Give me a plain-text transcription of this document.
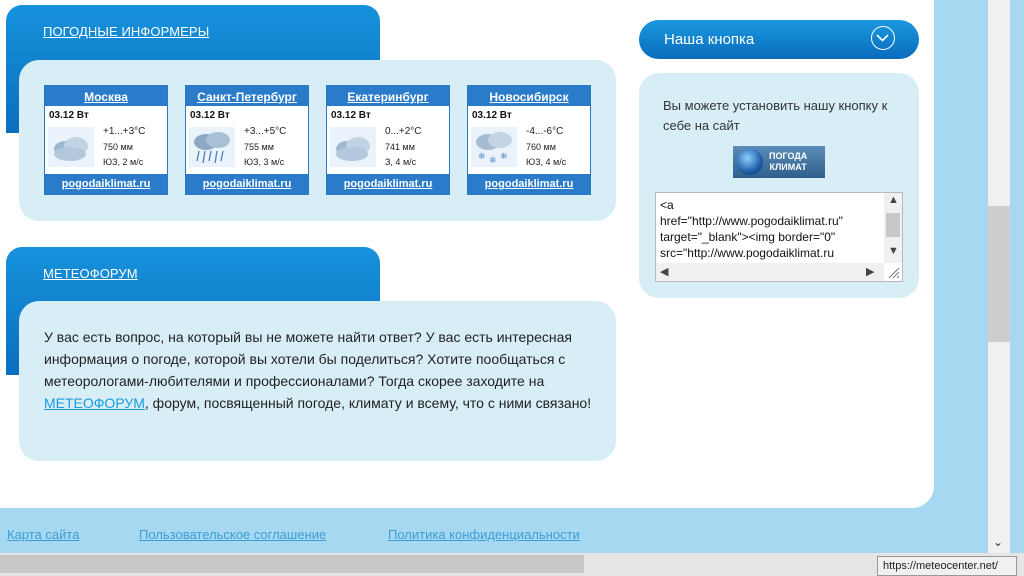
ПОГОДНЫЕ ИНФОРМЕРЫ
Москва
03.12 Вт
+1...+3°C
750 мм
ЮЗ, 2 м/с
pogodaiklimat.ru
Санкт-Петербург
03.12 Вт
+3...+5°C
755 мм
ЮЗ, 3 м/с
pogodaiklimat.ru
Екатеринбург
03.12 Вт
0...+2°C
741 мм
З, 4 м/с
pogodaiklimat.ru
Новосибирск
03.12 Вт
❄ ❄ ❄
-4...-6°C
760 мм
ЮЗ, 4 м/с
pogodaiklimat.ru
МЕТЕОФОРУМ
У вас есть вопрос, на который вы не можете найти ответ? У вас есть интересная информация о погоде, которой вы хотели бы поделиться? Хотите пообщаться с метеорологами-любителями и профессионалами? Тогда скорее заходите на МЕТЕОФОРУМ, форум, посвященный погоде, климату и всему, что с ними связано!
Наша кнопка
Вы можете установить нашу кнопку к себе на сайт
ПОГОДА
КЛИМАТ
<a
href="http://www.pogodaiklimat.ru"
target="_blank"><img border="0"
src="http://www.pogodaiklimat.ru
▲
▼
◀	▶
Карта сайта	Пользовательское соглашение	Политика конфиденциальности	⌄
https://meteocenter.net/
